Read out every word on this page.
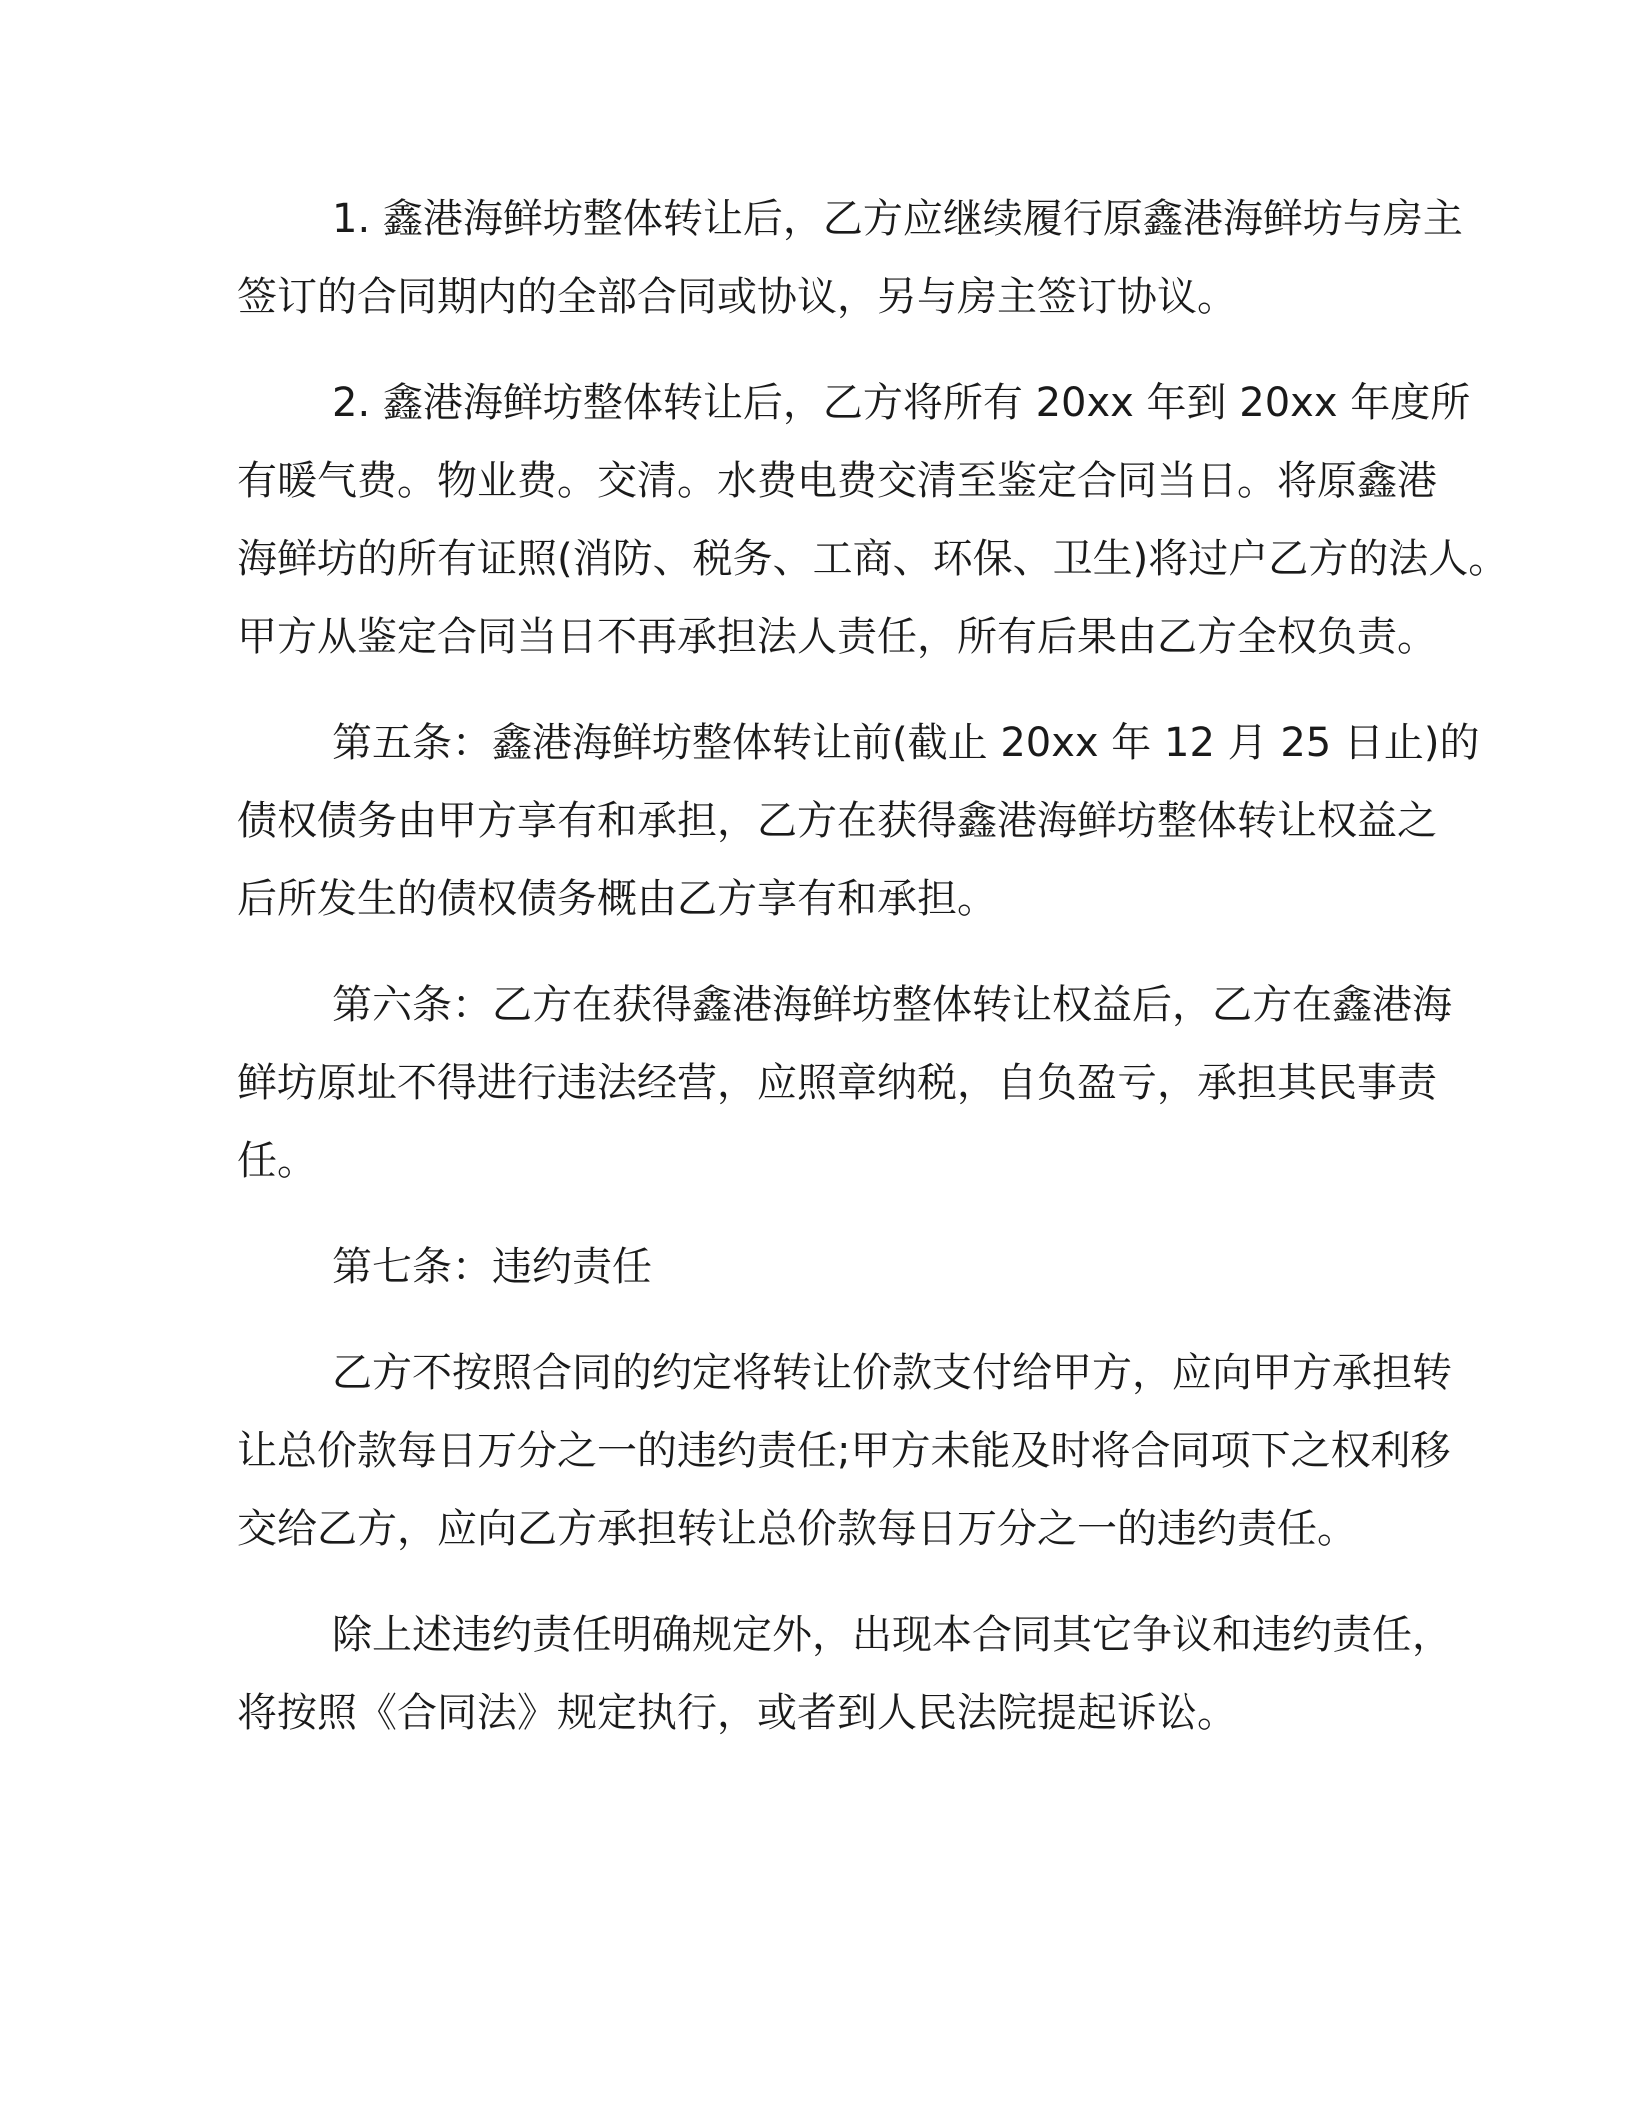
1. 鑫港海鲜坊整体转让后，乙方应继续履行原鑫港海鲜坊与房主
签订的合同期内的全部合同或协议，另与房主签订协议。
2. 鑫港海鲜坊整体转让后，乙方将所有 20xx 年到 20xx 年度所
有暖气费。物业费。交清。水费电费交清至鉴定合同当日。将原鑫港
海鲜坊的所有证照(消防、税务、工商、环保、卫生)将过户乙方的法人。
甲方从鉴定合同当日不再承担法人责任，所有后果由乙方全权负责。
第五条：鑫港海鲜坊整体转让前(截止 20xx 年 12 月 25 日止)的
债权债务由甲方享有和承担，乙方在获得鑫港海鲜坊整体转让权益之
后所发生的债权债务概由乙方享有和承担。
第六条：乙方在获得鑫港海鲜坊整体转让权益后，乙方在鑫港海
鲜坊原址不得进行违法经营，应照章纳税，自负盈亏，承担其民事责
任。
第七条：违约责任
乙方不按照合同的约定将转让价款支付给甲方，应向甲方承担转
让总价款每日万分之一的违约责任;甲方未能及时将合同项下之权利移
交给乙方，应向乙方承担转让总价款每日万分之一的违约责任。
除上述违约责任明确规定外，出现本合同其它争议和违约责任，
将按照《合同法》规定执行，或者到人民法院提起诉讼。
